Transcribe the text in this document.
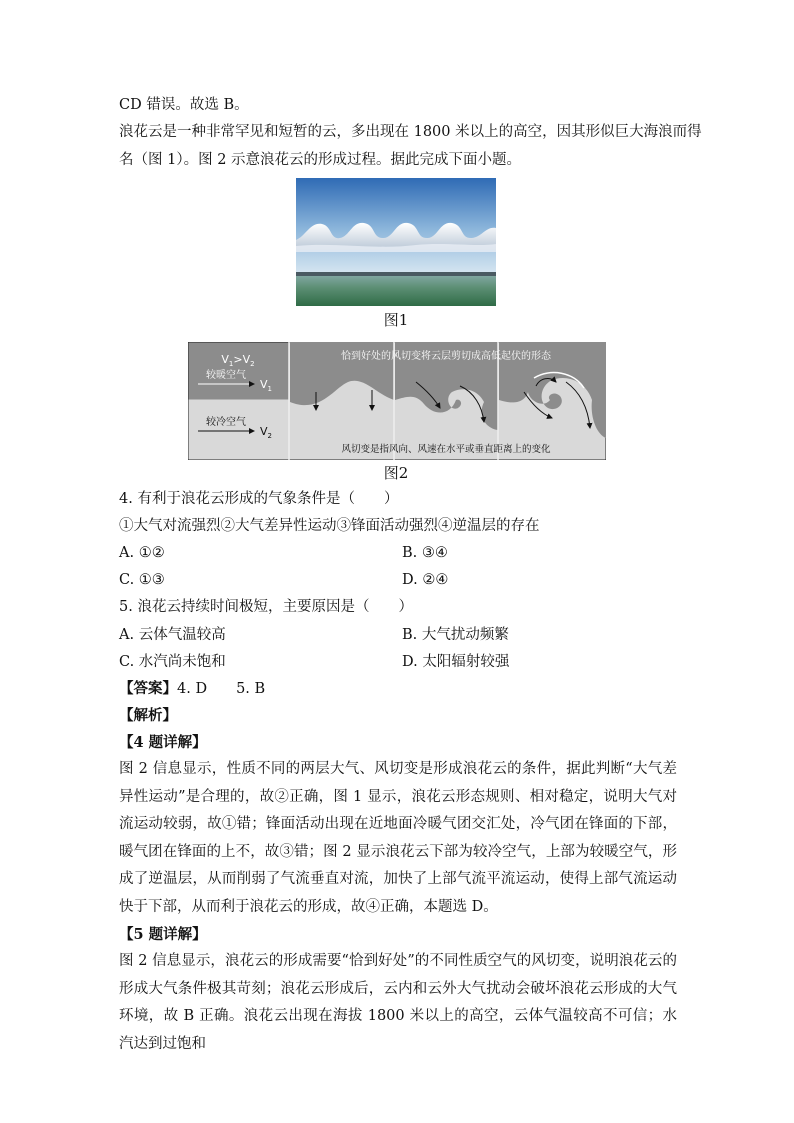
CD 错误。故选 B。
浪花云是一种非常罕见和短暂的云，多出现在 1800 米以上的高空，因其形似巨大海浪而得
名（图 1）。图 2 示意浪花云的形成过程。据此完成下面小题。
图1
$V_1>V_2$
较暖空气
$V_1$
较冷空气
$V_2$
恰到好处的风切变将云层剪切成高低起伏的形态
风切变是指风向、风速在水平或垂直距离上的变化
图2
4. 有利于浪花云形成的气象条件是（　　）
①大气对流强烈②大气差异性运动③锋面活动强烈④逆温层的存在
A. ①②	B. ③④
C. ①③	D. ②④
5. 浪花云持续时间极短，主要原因是（　　）
A. 云体气温较高	B. 大气扰动频繁
C. 水汽尚未饱和	D. 太阳辐射较强
【答案】4. D　　5. B
【解析】
【4 题详解】
图 2 信息显示，性质不同的两层大气、风切变是形成浪花云的条件，据此判断“大气差异性运动”是合理的，故②正确，图 1 显示，浪花云形态规则、相对稳定，说明大气对流运动较弱，故①错；锋面活动出现在近地面冷暖气团交汇处，冷气团在锋面的下部，暖气团在锋面的上不，故③错；图 2 显示浪花云下部为较冷空气，上部为较暖空气，形成了逆温层，从而削弱了气流垂直对流，加快了上部气流平流运动，使得上部气流运动快于下部，从而利于浪花云的形成，故④正确，本题选 D。
【5 题详解】
图 2 信息显示，浪花云的形成需要“恰到好处”的不同性质空气的风切变，说明浪花云的形成大气条件极其苛刻；浪花云形成后，云内和云外大气扰动会破坏浪花云形成的大气环境，故 B 正确。浪花云出现在海拔 1800 米以上的高空，云体气温较高不可信；水汽达到过饱和
